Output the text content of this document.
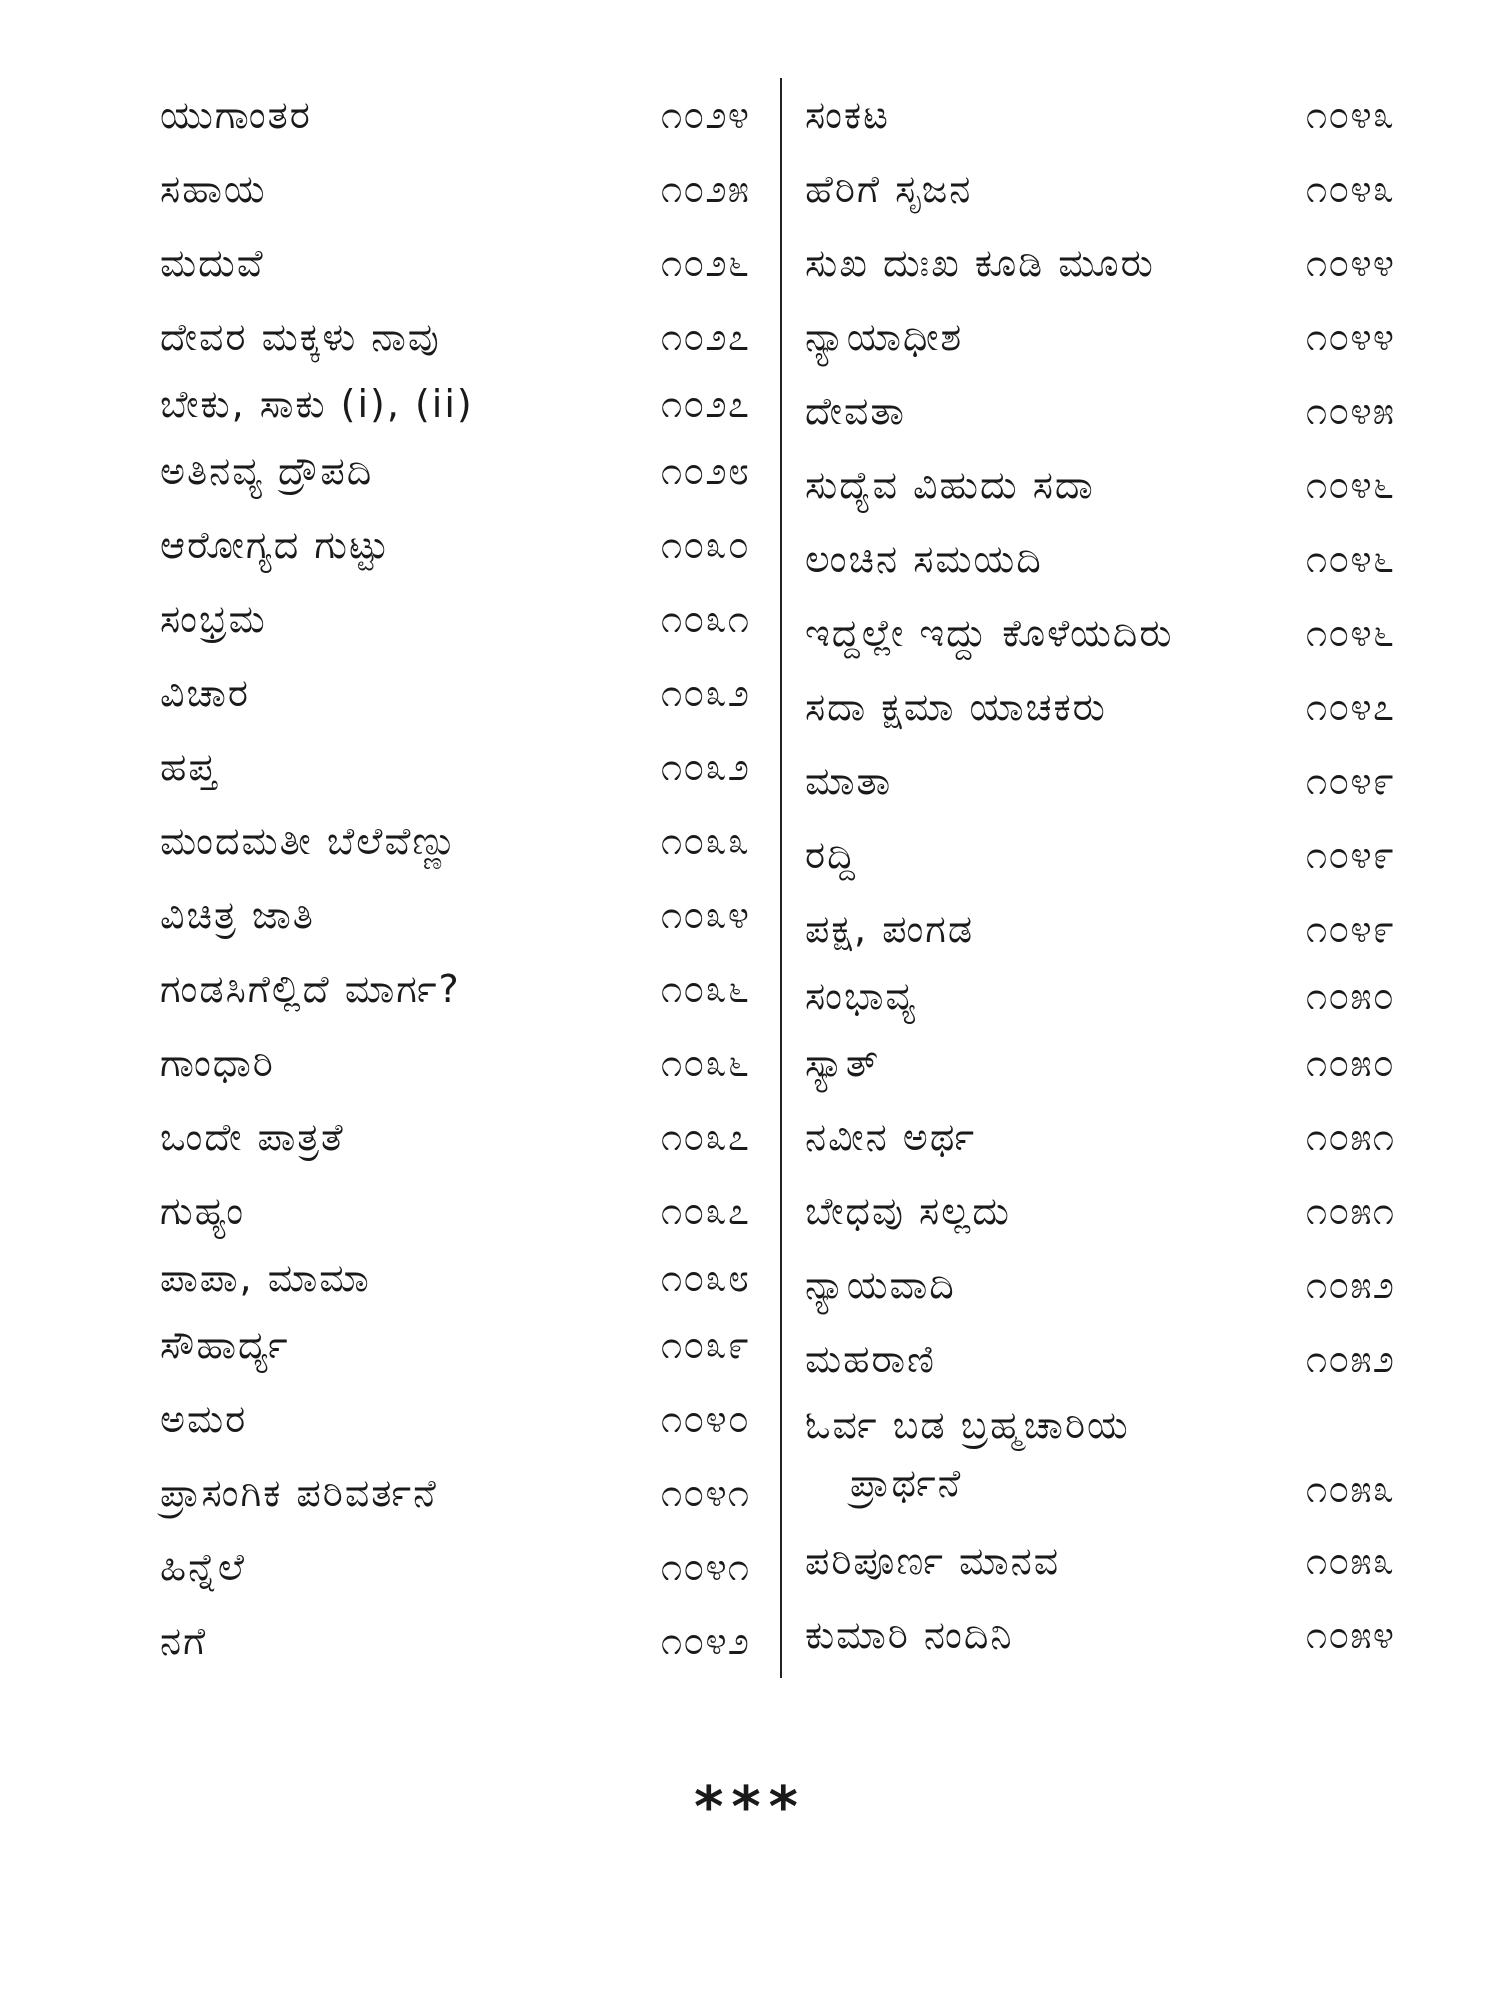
ಯುಗಾಂತರ	೧೦೨೪
ಸಹಾಯ	೧೦೨೫
ಮದುವೆ	೧೦೨೬
ದೇವರ ಮಕ್ಕಳು ನಾವು	೧೦೨೭
ಬೇಕು, ಸಾಕು (i), (ii)	೧೦೨೭
ಅತಿನವ್ಯ ದ್ರೌಪದಿ	೧೦೨೮
ಆರೋಗ್ಯದ ಗುಟ್ಟು	೧೦೩೦
ಸಂಭ್ರಮ	೧೦೩೧
ವಿಚಾರ	೧೦೩೨
ಹಪ್ತ	೧೦೩೨
ಮಂದಮತೀ ಬೆಲೆವೆಣ್ಣು	೧೦೩೩
ವಿಚಿತ್ರ ಜಾತಿ	೧೦೩೪
ಗಂಡಸಿಗೆಲ್ಲಿದೆ ಮಾರ್ಗ?	೧೦೩೬
ಗಾಂಧಾರಿ	೧೦೩೬
ಒಂದೇ ಪಾತ್ರತೆ	೧೦೩೭
ಗುಹ್ಯಂ	೧೦೩೭
ಪಾಪಾ, ಮಾಮಾ	೧೦೩೮
ಸೌಹಾರ್ದ್ಯ	೧೦೩೯
ಅಮರ	೧೦೪೦
ಪ್ರಾಸಂಗಿಕ ಪರಿವರ್ತನೆ	೧೦೪೧
ಹಿನ್ನೆಲೆ	೧೦೪೧
ನಗೆ	೧೦೪೨
ಸಂಕಟ	೧೦೪೩
ಹೆರಿಗೆ ಸೃಜನ	೧೦೪೩
ಸುಖ ದುಃಖ ಕೂಡಿ ಮೂರು	೧೦೪೪
ನ್ಯಾಯಾಧೀಶ	೧೦೪೪
ದೇವತಾ	೧೦೪೫
ಸುದ್ಯೆವ ವಿಹುದು ಸದಾ	೧೦೪೬
ಲಂಚಿನ ಸಮಯದಿ	೧೦೪೬
ಇದ್ದಲ್ಲೇ ಇದ್ದು ಕೊಳೆಯದಿರು	೧೦೪೬
ಸದಾ ಕ್ಷಮಾ ಯಾಚಕರು	೧೦೪೭
ಮಾತಾ	೧೦೪೯
ರದ್ದಿ	೧೦೪೯
ಪಕ್ಷ, ಪಂಗಡ	೧೦೪೯
ಸಂಭಾವ್ಯ	೧೦೫೦
ಸ್ಯಾತ್	೧೦೫೦
ನವೀನ ಅರ್ಥ	೧೦೫೧
ಬೇಧವು ಸಲ್ಲದು	೧೦೫೧
ನ್ಯಾಯವಾದಿ	೧೦೫೨
ಮಹರಾಣಿ	೧೦೫೨
ಓರ್ವ ಬಡ ಬ್ರಹ್ಮಚಾರಿಯ
ಪ್ರಾರ್ಥನೆ	೧೦೫೩
ಪರಿಪೂರ್ಣ ಮಾನವ	೧೦೫೩
ಕುಮಾರಿ ನಂದಿನಿ	೧೦೫೪
***
